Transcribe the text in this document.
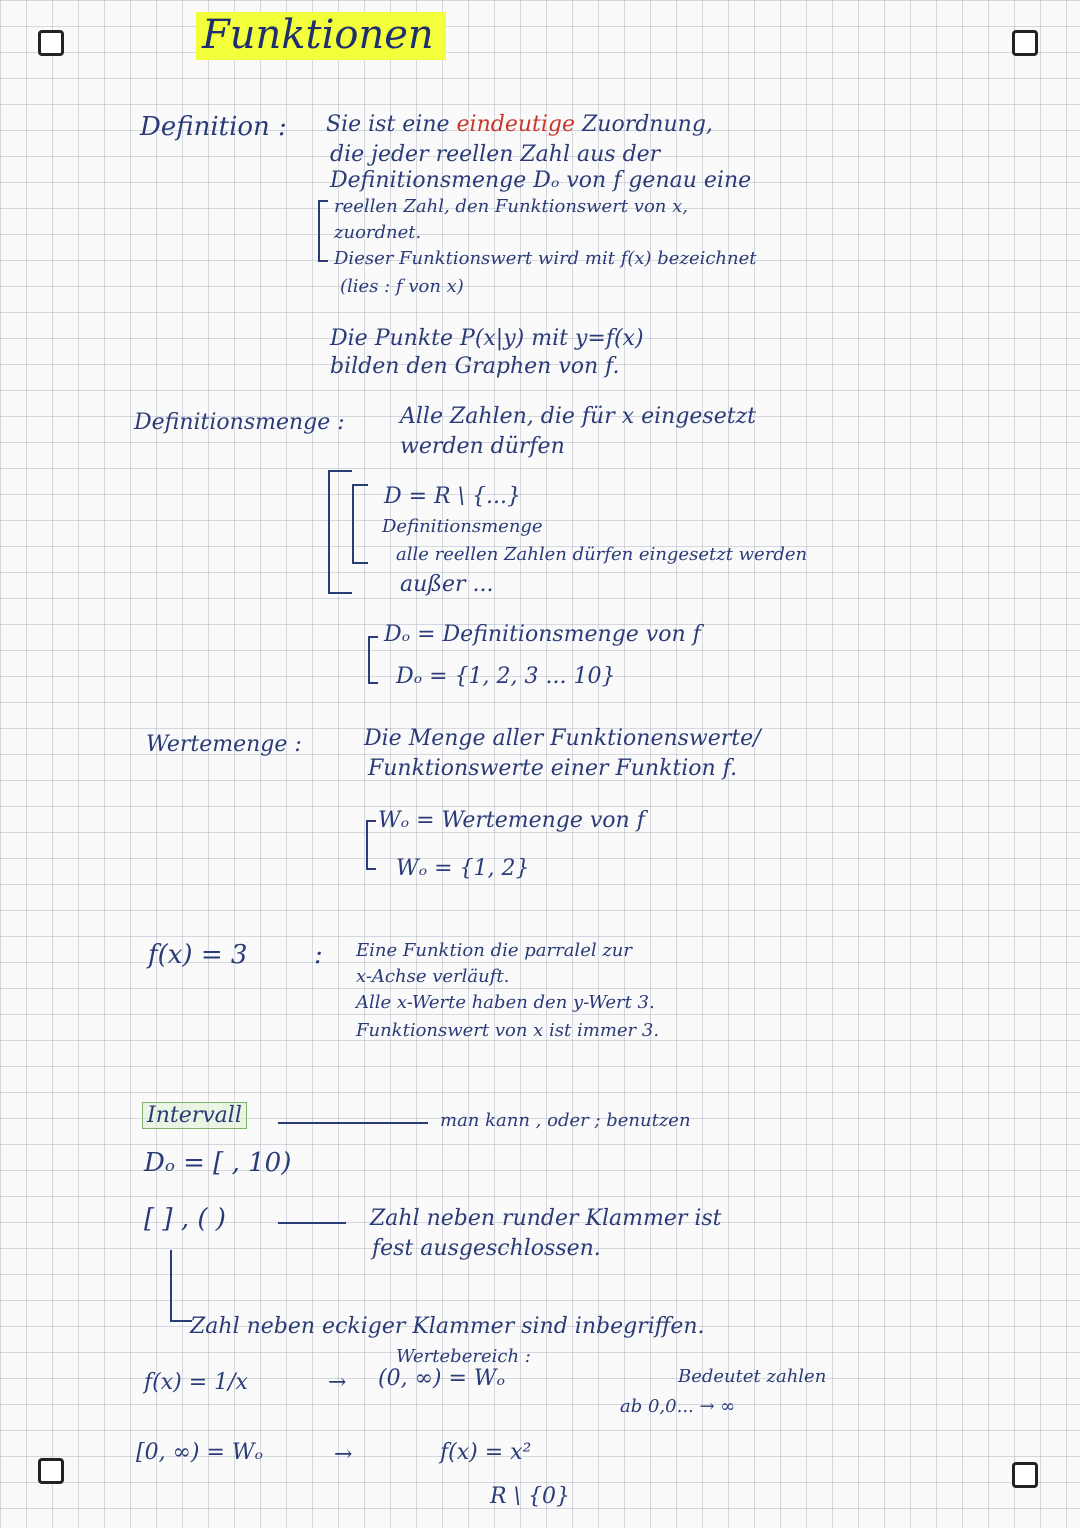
Funktionen
Definition : Sie ist eine eindeutige Zuordnung,
die jeder reellen Zahl aus der
Definitionsmenge Dₒ von f genau eine
reellen Zahl, den Funktionswert von x,
zuordnet.
Dieser Funktionswert wird mit f(x) bezeichnet
(lies : f von x)
Die Punkte P(x|y) mit y=f(x)
bilden den Graphen von f.
Definitionsmenge :	Alle Zahlen, die für x eingesetzt
werden dürfen
D = R \ {...}
Definitionsmenge
alle reellen Zahlen dürfen eingesetzt werden
außer ...
Dₒ = Definitionsmenge von f
Dₒ = {1, 2, 3 ... 10}
Wertemenge :	Die Menge aller Funktionenswerte/
Funktionswerte einer Funktion f.
Wₒ = Wertemenge von f
Wₒ = {1, 2}
f(x) = 3	: Eine Funktion die parralel zur
x-Achse verläuft.
Alle x-Werte haben den y-Wert 3.
Funktionswert von x ist immer 3.
Intervall	man kann , oder ; benutzen
Dₒ = [ , 10)
[ ] , ( )	Zahl neben runder Klammer ist
fest ausgeschlossen.
Zahl neben eckiger Klammer sind inbegriffen.
Wertebereich :
f(x) = 1/x	→ (0, ∞) = Wₒ	Bedeutet zahlen
ab 0,0... → ∞
[0, ∞) = Wₒ	→	f(x) = x²
R \ {0}
